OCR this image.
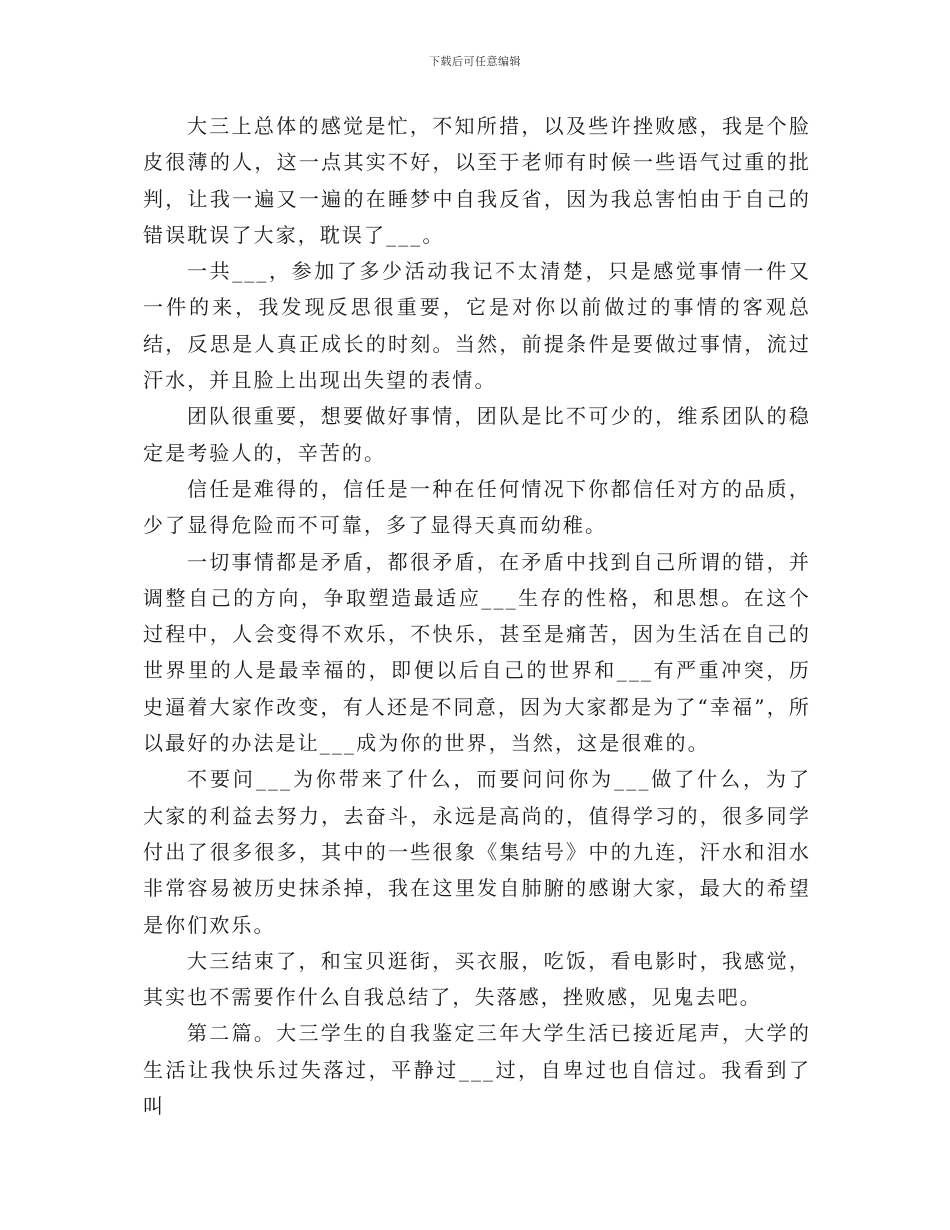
下载后可任意编辑

大三上总体的感觉是忙，不知所措，以及些许挫败感，我是个脸皮很薄的人，这一点其实不好，以至于老师有时候一些语气过重的批判，让我一遍又一遍的在睡梦中自我反省，因为我总害怕由于自己的错误耽误了大家，耽误了___。

一共___，参加了多少活动我记不太清楚，只是感觉事情一件又一件的来，我发现反思很重要，它是对你以前做过的事情的客观总结，反思是人真正成长的时刻。当然，前提条件是要做过事情，流过汗水，并且脸上出现出失望的表情。

团队很重要，想要做好事情，团队是比不可少的，维系团队的稳定是考验人的，辛苦的。

信任是难得的，信任是一种在任何情况下你都信任对方的品质，少了显得危险而不可靠，多了显得天真而幼稚。

一切事情都是矛盾，都很矛盾，在矛盾中找到自己所谓的错，并调整自己的方向，争取塑造最适应___生存的性格，和思想。在这个过程中，人会变得不欢乐，不快乐，甚至是痛苦，因为生活在自己的世界里的人是最幸福的，即便以后自己的世界和___有严重冲突，历史逼着大家作改变，有人还是不同意，因为大家都是为了“幸福”，所以最好的办法是让___成为你的世界，当然，这是很难的。

不要问___为你带来了什么，而要问问你为___做了什么，为了大家的利益去努力，去奋斗，永远是高尚的，值得学习的，很多同学付出了很多很多，其中的一些很象《集结号》中的九连，汗水和泪水非常容易被历史抹杀掉，我在这里发自肺腑的感谢大家，最大的希望是你们欢乐。

大三结束了，和宝贝逛街，买衣服，吃饭，看电影时，我感觉，其实也不需要作什么自我总结了，失落感，挫败感，见鬼去吧。

第二篇。大三学生的自我鉴定三年大学生活已接近尾声，大学的生活让我快乐过失落过，平静过___过，自卑过也自信过。我看到了叫
